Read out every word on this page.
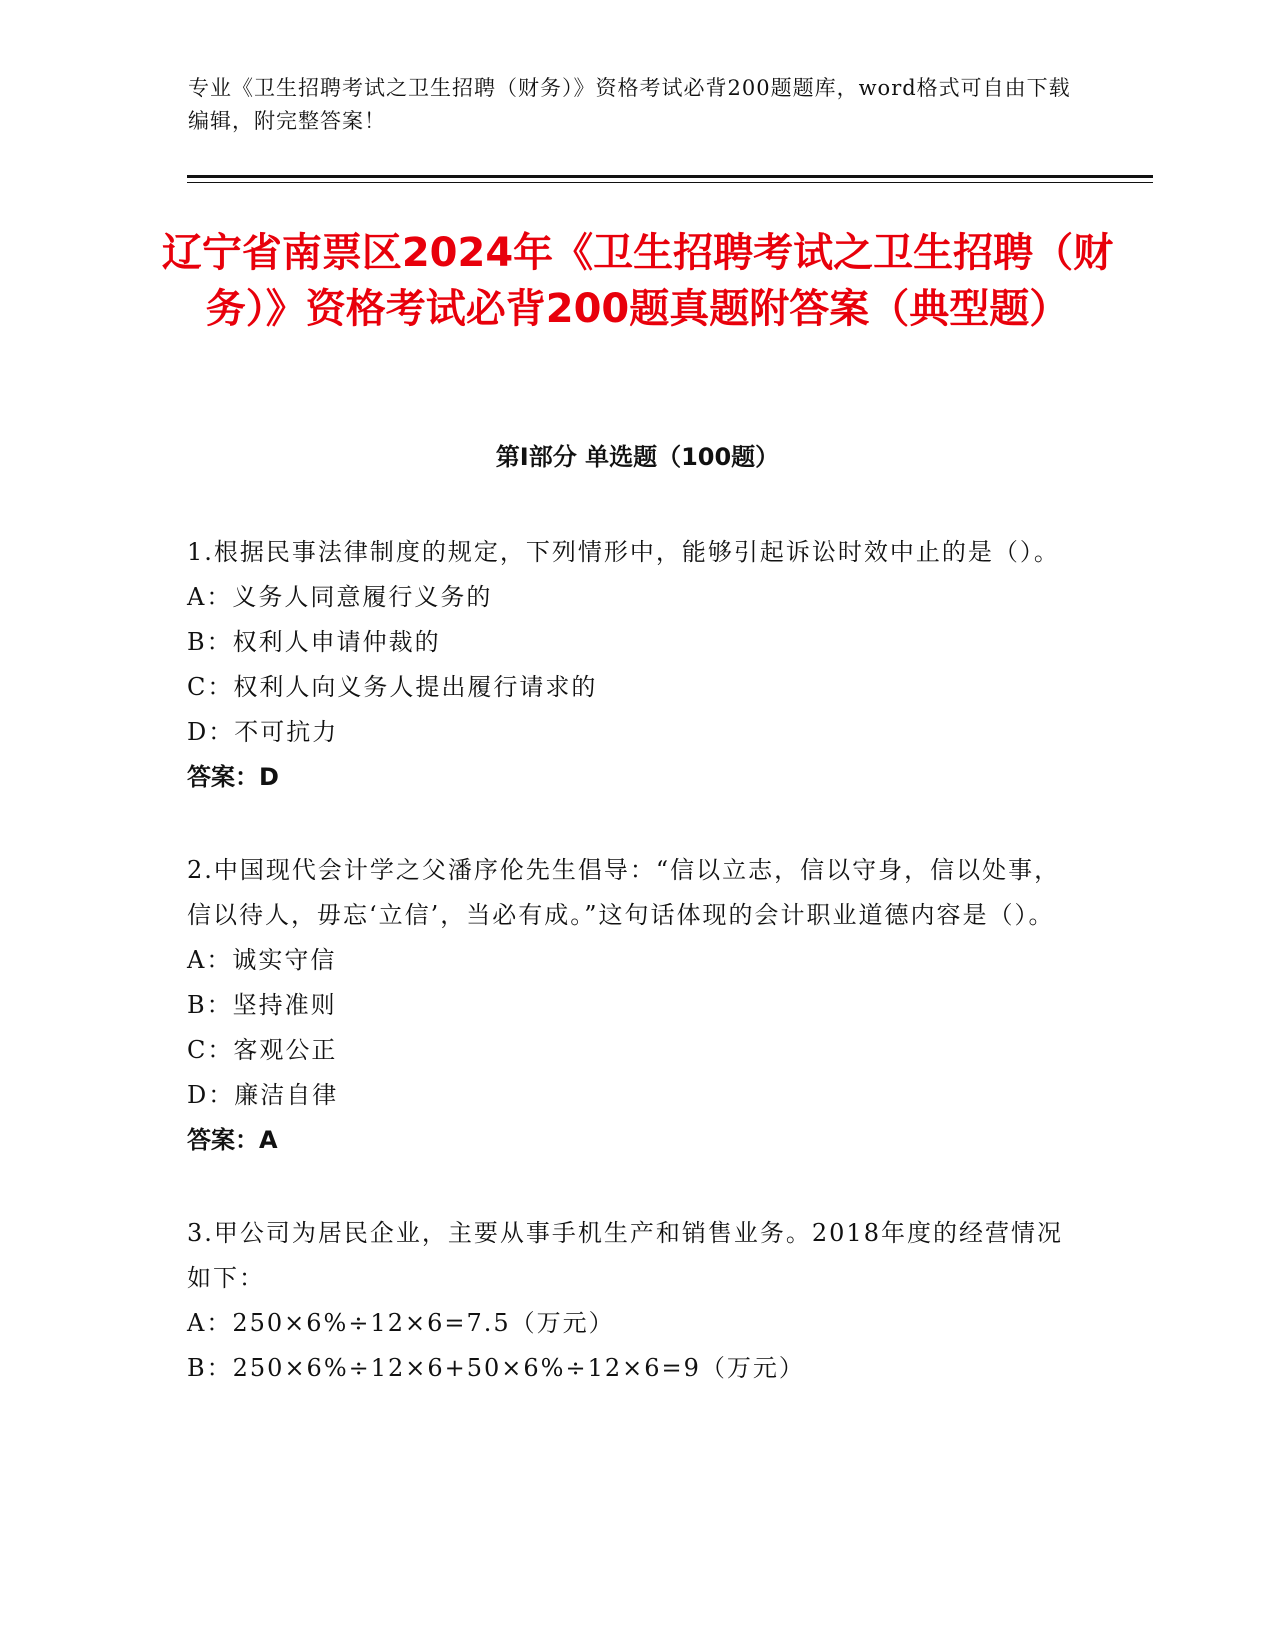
专业《卫生招聘考试之卫生招聘（财务）》资格考试必背200题题库，word格式可自由下载编辑，附完整答案！
辽宁省南票区2024年《卫生招聘考试之卫生招聘（财务）》资格考试必背200题真题附答案（典型题）
第Ⅰ部分 单选题（100题）

1.根据民事法律制度的规定，下列情形中，能够引起诉讼时效中止的是（）。

A：义务人同意履行义务的

B：权利人申请仲裁的

C：权利人向义务人提出履行请求的

D：不可抗力

答案：D

2.中国现代会计学之父潘序伦先生倡导：“信以立志，信以守身，信以处事，信以待人，毋忘‘立信’，当必有成。”这句话体现的会计职业道德内容是（）。

A：诚实守信

B：坚持准则

C：客观公正

D：廉洁自律

答案：A

3.甲公司为居民企业，主要从事手机生产和销售业务。2018年度的经营情况如下：

A：250×6%÷12×6=7.5（万元）

B：250×6%÷12×6+50×6%÷12×6=9（万元）
